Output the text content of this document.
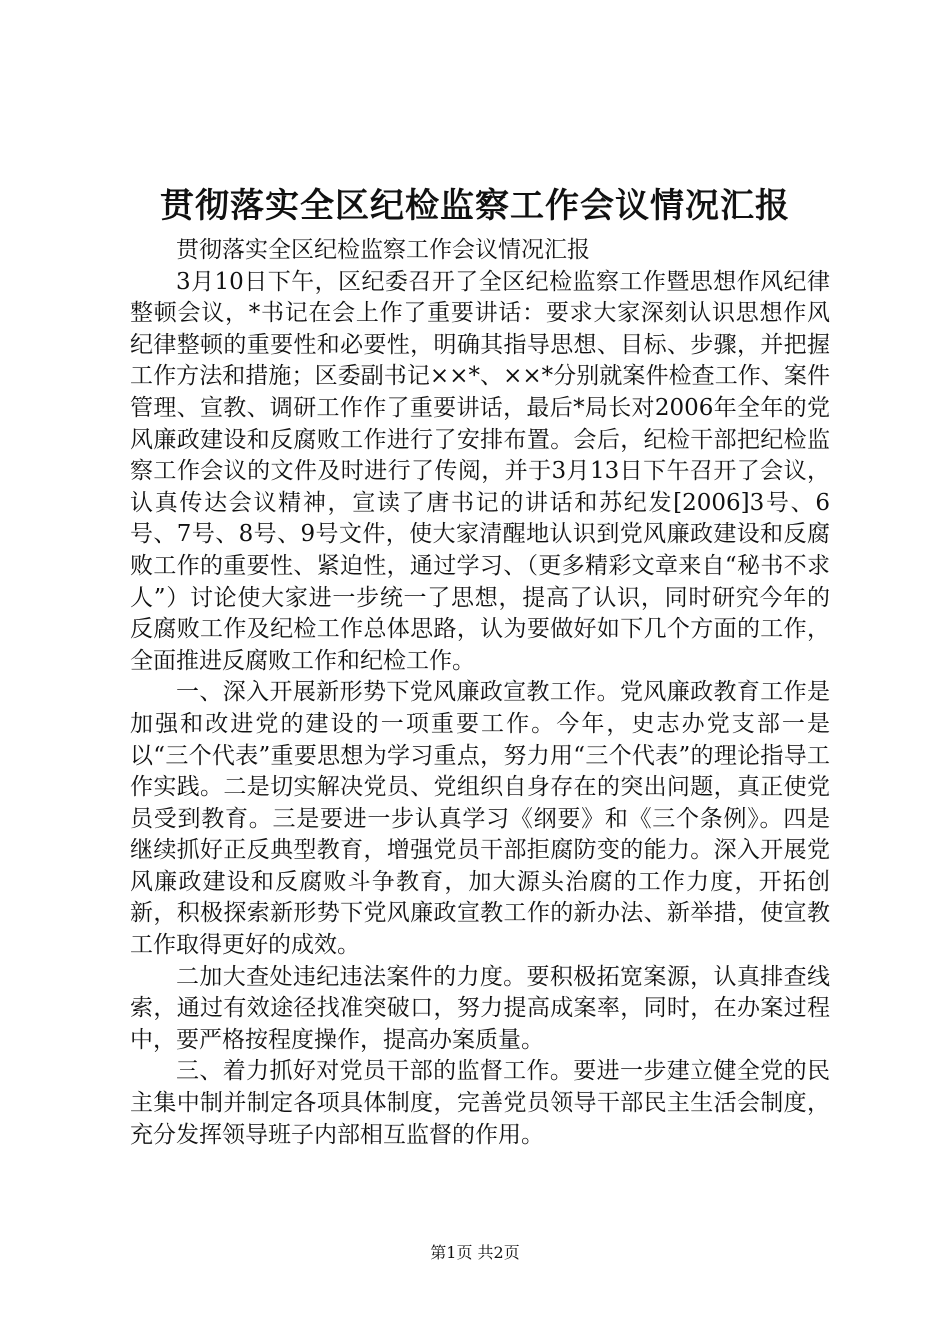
贯彻落实全区纪检监察工作会议情况汇报

贯彻落实全区纪检监察工作会议情况汇报

3月10日下午，区纪委召开了全区纪检监察工作暨思想作风纪律整顿会议，*书记在会上作了重要讲话：要求大家深刻认识思想作风纪律整顿的重要性和必要性，明确其指导思想、目标、步骤，并把握工作方法和措施；区委副书记××*、××*分别就案件检查工作、案件管理、宣教、调研工作作了重要讲话，最后*局长对2006年全年的党风廉政建设和反腐败工作进行了安排布置。会后，纪检干部把纪检监察工作会议的文件及时进行了传阅，并于3月13日下午召开了会议，认真传达会议精神，宣读了唐书记的讲话和苏纪发[2006]3号、6号、7号、8号、9号文件，使大家清醒地认识到党风廉政建设和反腐败工作的重要性、紧迫性，通过学习、（更多精彩文章来自“秘书不求人”）讨论使大家进一步统一了思想，提高了认识，同时研究今年的反腐败工作及纪检工作总体思路，认为要做好如下几个方面的工作，全面推进反腐败工作和纪检工作。

一、深入开展新形势下党风廉政宣教工作。党风廉政教育工作是加强和改进党的建设的一项重要工作。今年，史志办党支部一是以“三个代表”重要思想为学习重点，努力用“三个代表”的理论指导工作实践。二是切实解决党员、党组织自身存在的突出问题，真正使党员受到教育。三是要进一步认真学习《纲要》和《三个条例》。四是继续抓好正反典型教育，增强党员干部拒腐防变的能力。深入开展党风廉政建设和反腐败斗争教育，加大源头治腐的工作力度，开拓创新，积极探索新形势下党风廉政宣教工作的新办法、新举措，使宣教工作取得更好的成效。

二加大查处违纪违法案件的力度。要积极拓宽案源，认真排查线索，通过有效途径找准突破口，努力提高成案率，同时，在办案过程中，要严格按程度操作，提高办案质量。

三、着力抓好对党员干部的监督工作。要进一步建立健全党的民主集中制并制定各项具体制度，完善党员领导干部民主生活会制度，充分发挥领导班子内部相互监督的作用。

第1页 共2页
